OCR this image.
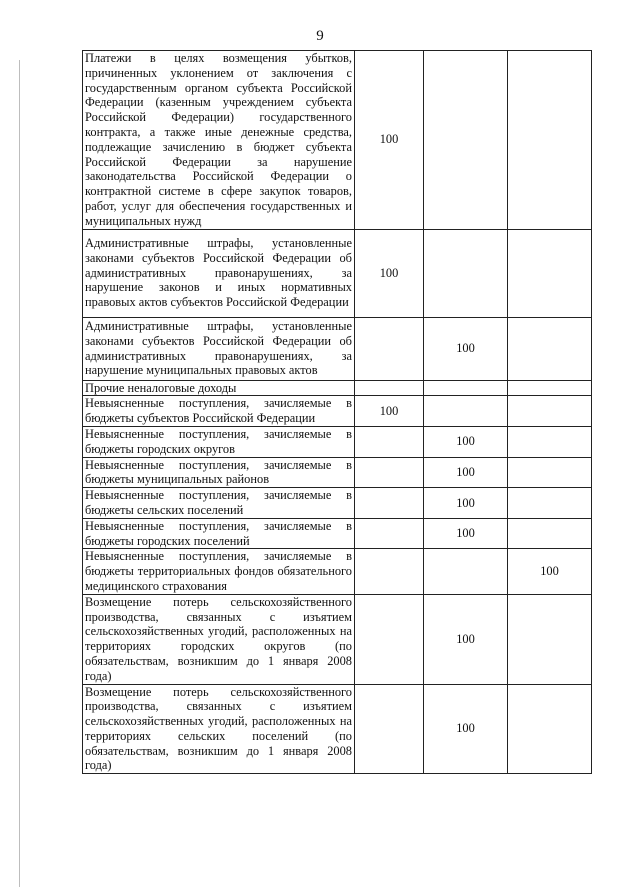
9
Платежи в целях возмещения убытков, причиненных уклонением от заключения с государственным органом субъекта Российской Федерации (казенным учреждением субъекта Российской Федерации) государственного контракта, а также иные денежные средства, подлежащие зачислению в бюджет субъекта Российской Федерации за нарушение законодательства Российской Федерации о контрактной системе в сфере закупок товаров, работ, услуг для обеспечения государственных и муниципальных нужд	100		
Административные штрафы, установленные законами субъектов Российской Федерации об административных правонарушениях, за нарушение законов и иных нормативных правовых актов субъектов Российской Федерации	100		
Административные штрафы, установленные законами субъектов Российской Федерации об административных правонарушениях, за нарушение муниципальных правовых актов		100	
Прочие неналоговые доходы			
Невыясненные поступления, зачисляемые в бюджеты субъектов Российской Федерации	100		
Невыясненные поступления, зачисляемые в бюджеты городских округов		100	
Невыясненные поступления, зачисляемые в бюджеты муниципальных районов		100	
Невыясненные поступления, зачисляемые в бюджеты сельских поселений		100	
Невыясненные поступления, зачисляемые в бюджеты городских поселений		100	
Невыясненные поступления, зачисляемые в бюджеты территориальных фондов обязательного медицинского страхования			100
Возмещение потерь сельскохозяйственного производства, связанных с изъятием сельскохозяйственных угодий, расположенных на территориях городских округов (по обязательствам, возникшим до 1 января 2008 года)		100	
Возмещение потерь сельскохозяйственного производства, связанных с изъятием сельскохозяйственных угодий, расположенных на территориях сельских поселений (по обязательствам, возникшим до 1 января 2008 года)		100	
